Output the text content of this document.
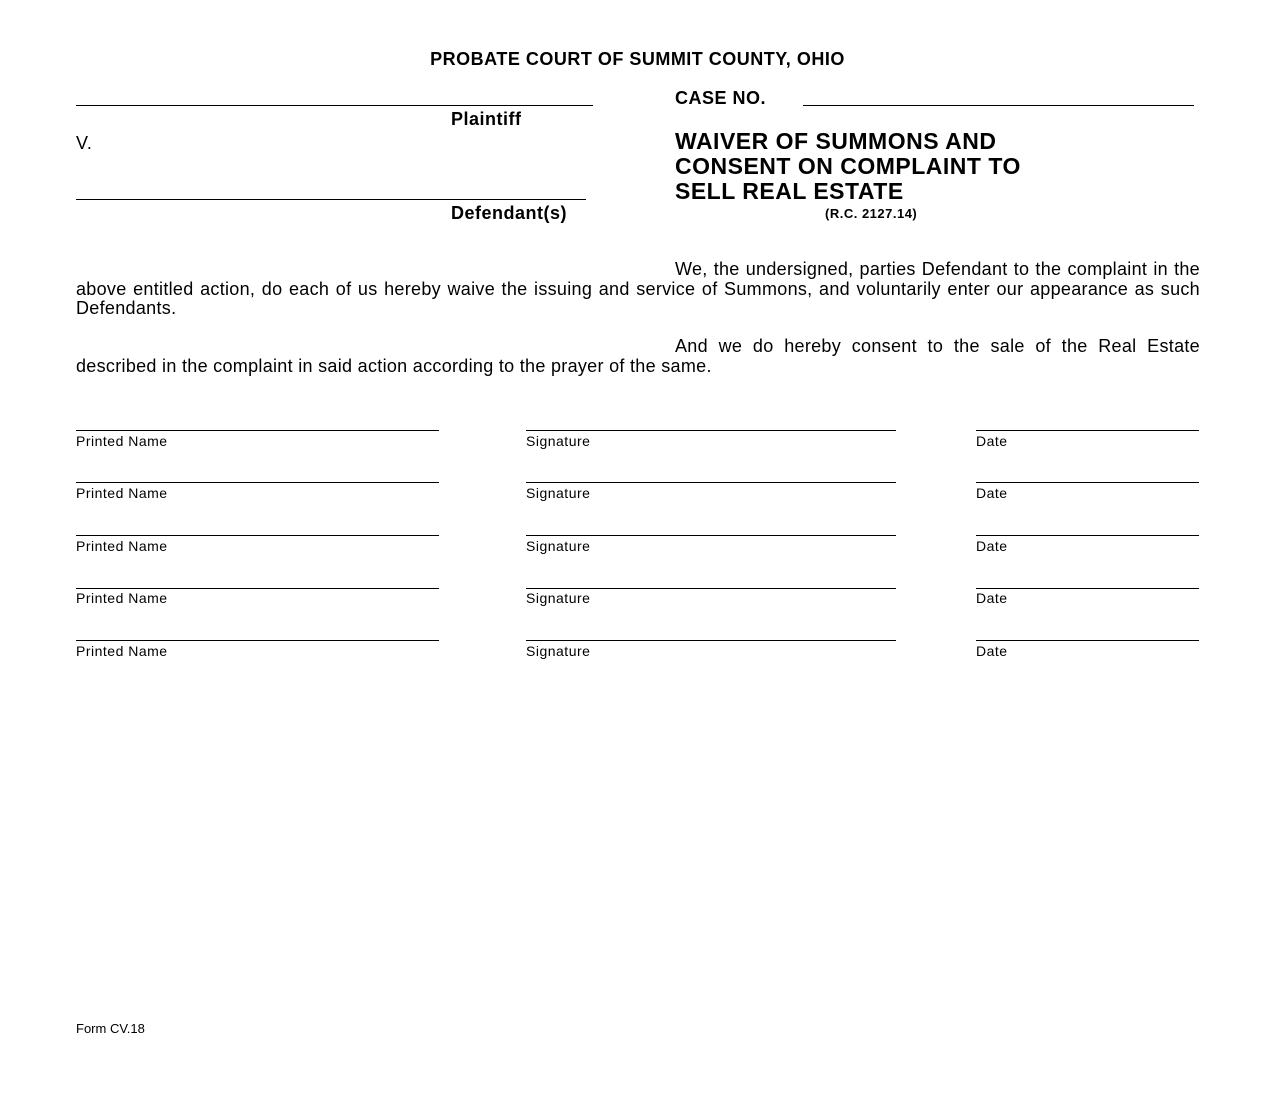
PROBATE COURT OF SUMMIT COUNTY, OHIO
Plaintiff
V.
Defendant(s)
CASE NO.
WAIVER OF SUMMONS AND
CONSENT ON COMPLAINT TO
SELL REAL ESTATE
(R.C. 2127.14)

We, the undersigned, parties Defendant to the complaint in the above entitled action, do each of us hereby waive the issuing and service of Summons, and voluntarily enter our appearance as such Defendants.

And we do hereby consent to the sale of the Real Estate described in the complaint in said action according to the prayer of the same.

Printed Name	Signature	Date
Printed Name	Signature	Date
Printed Name	Signature	Date
Printed Name	Signature	Date
Printed Name	Signature	Date
Form CV.18
